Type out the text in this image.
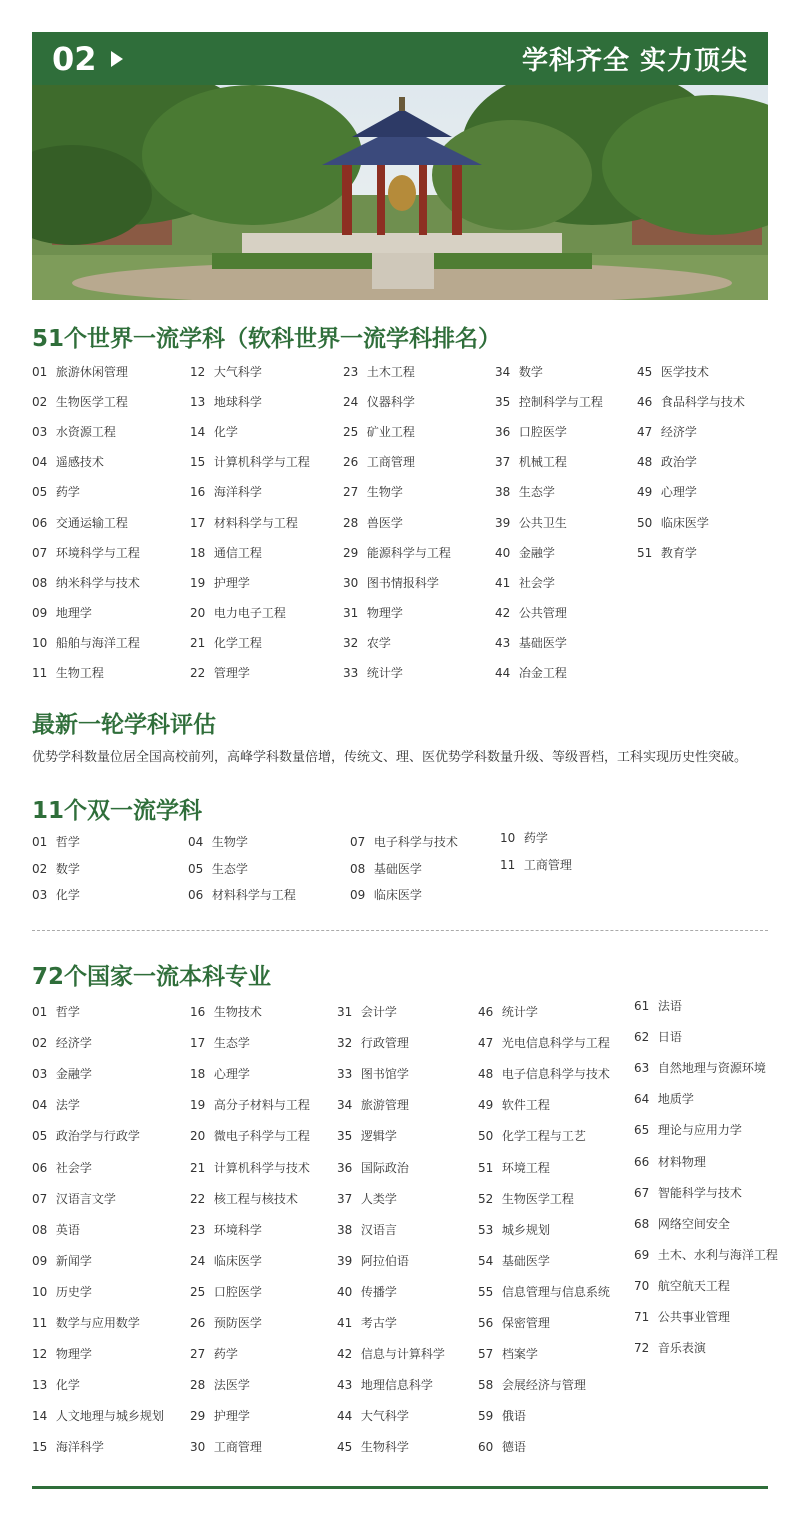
02	学科齐全 实力顶尖
51个世界一流学科（软科世界一流学科排名）
01 旅游休闲管理
02 生物医学工程
03 水资源工程
04 遥感技术
05 药学
06 交通运输工程
07 环境科学与工程
08 纳米科学与技术
09 地理学
10 船舶与海洋工程
11 生物工程
12 大气科学
13 地球科学
14 化学
15 计算机科学与工程
16 海洋科学
17 材料科学与工程
18 通信工程
19 护理学
20 电力电子工程
21 化学工程
22 管理学
23 土木工程
24 仪器科学
25 矿业工程
26 工商管理
27 生物学
28 兽医学
29 能源科学与工程
30 图书情报科学
31 物理学
32 农学
33 统计学
34 数学
35 控制科学与工程
36 口腔医学
37 机械工程
38 生态学
39 公共卫生
40 金融学
41 社会学
42 公共管理
43 基础医学
44 冶金工程
45 医学技术
46 食品科学与技术
47 经济学
48 政治学
49 心理学
50 临床医学
51 教育学
最新一轮学科评估
优势学科数量位居全国高校前列，高峰学科数量倍增，传统文、理、医优势学科数量升级、等级晋档，工科实现历史性突破。
11个双一流学科
01 哲学
02 数学
03 化学
04 生物学
05 生态学
06 材料科学与工程
07 电子科学与技术
08 基础医学
09 临床医学
10 药学
11 工商管理
72个国家一流本科专业
01 哲学
02 经济学
03 金融学
04 法学
05 政治学与行政学
06 社会学
07 汉语言文学
08 英语
09 新闻学
10 历史学
11 数学与应用数学
12 物理学
13 化学
14 人文地理与城乡规划
15 海洋科学
16 生物技术
17 生态学
18 心理学
19 高分子材料与工程
20 微电子科学与工程
21 计算机科学与技术
22 核工程与核技术
23 环境科学
24 临床医学
25 口腔医学
26 预防医学
27 药学
28 法医学
29 护理学
30 工商管理
31 会计学
32 行政管理
33 图书馆学
34 旅游管理
35 逻辑学
36 国际政治
37 人类学
38 汉语言
39 阿拉伯语
40 传播学
41 考古学
42 信息与计算科学
43 地理信息科学
44 大气科学
45 生物科学
46 统计学
47 光电信息科学与工程
48 电子信息科学与技术
49 软件工程
50 化学工程与工艺
51 环境工程
52 生物医学工程
53 城乡规划
54 基础医学
55 信息管理与信息系统
56 保密管理
57 档案学
58 会展经济与管理
59 俄语
60 德语
61 法语
62 日语
63 自然地理与资源环境
64 地质学
65 理论与应用力学
66 材料物理
67 智能科学与技术
68 网络空间安全
69 土木、水利与海洋工程
70 航空航天工程
71 公共事业管理
72 音乐表演
